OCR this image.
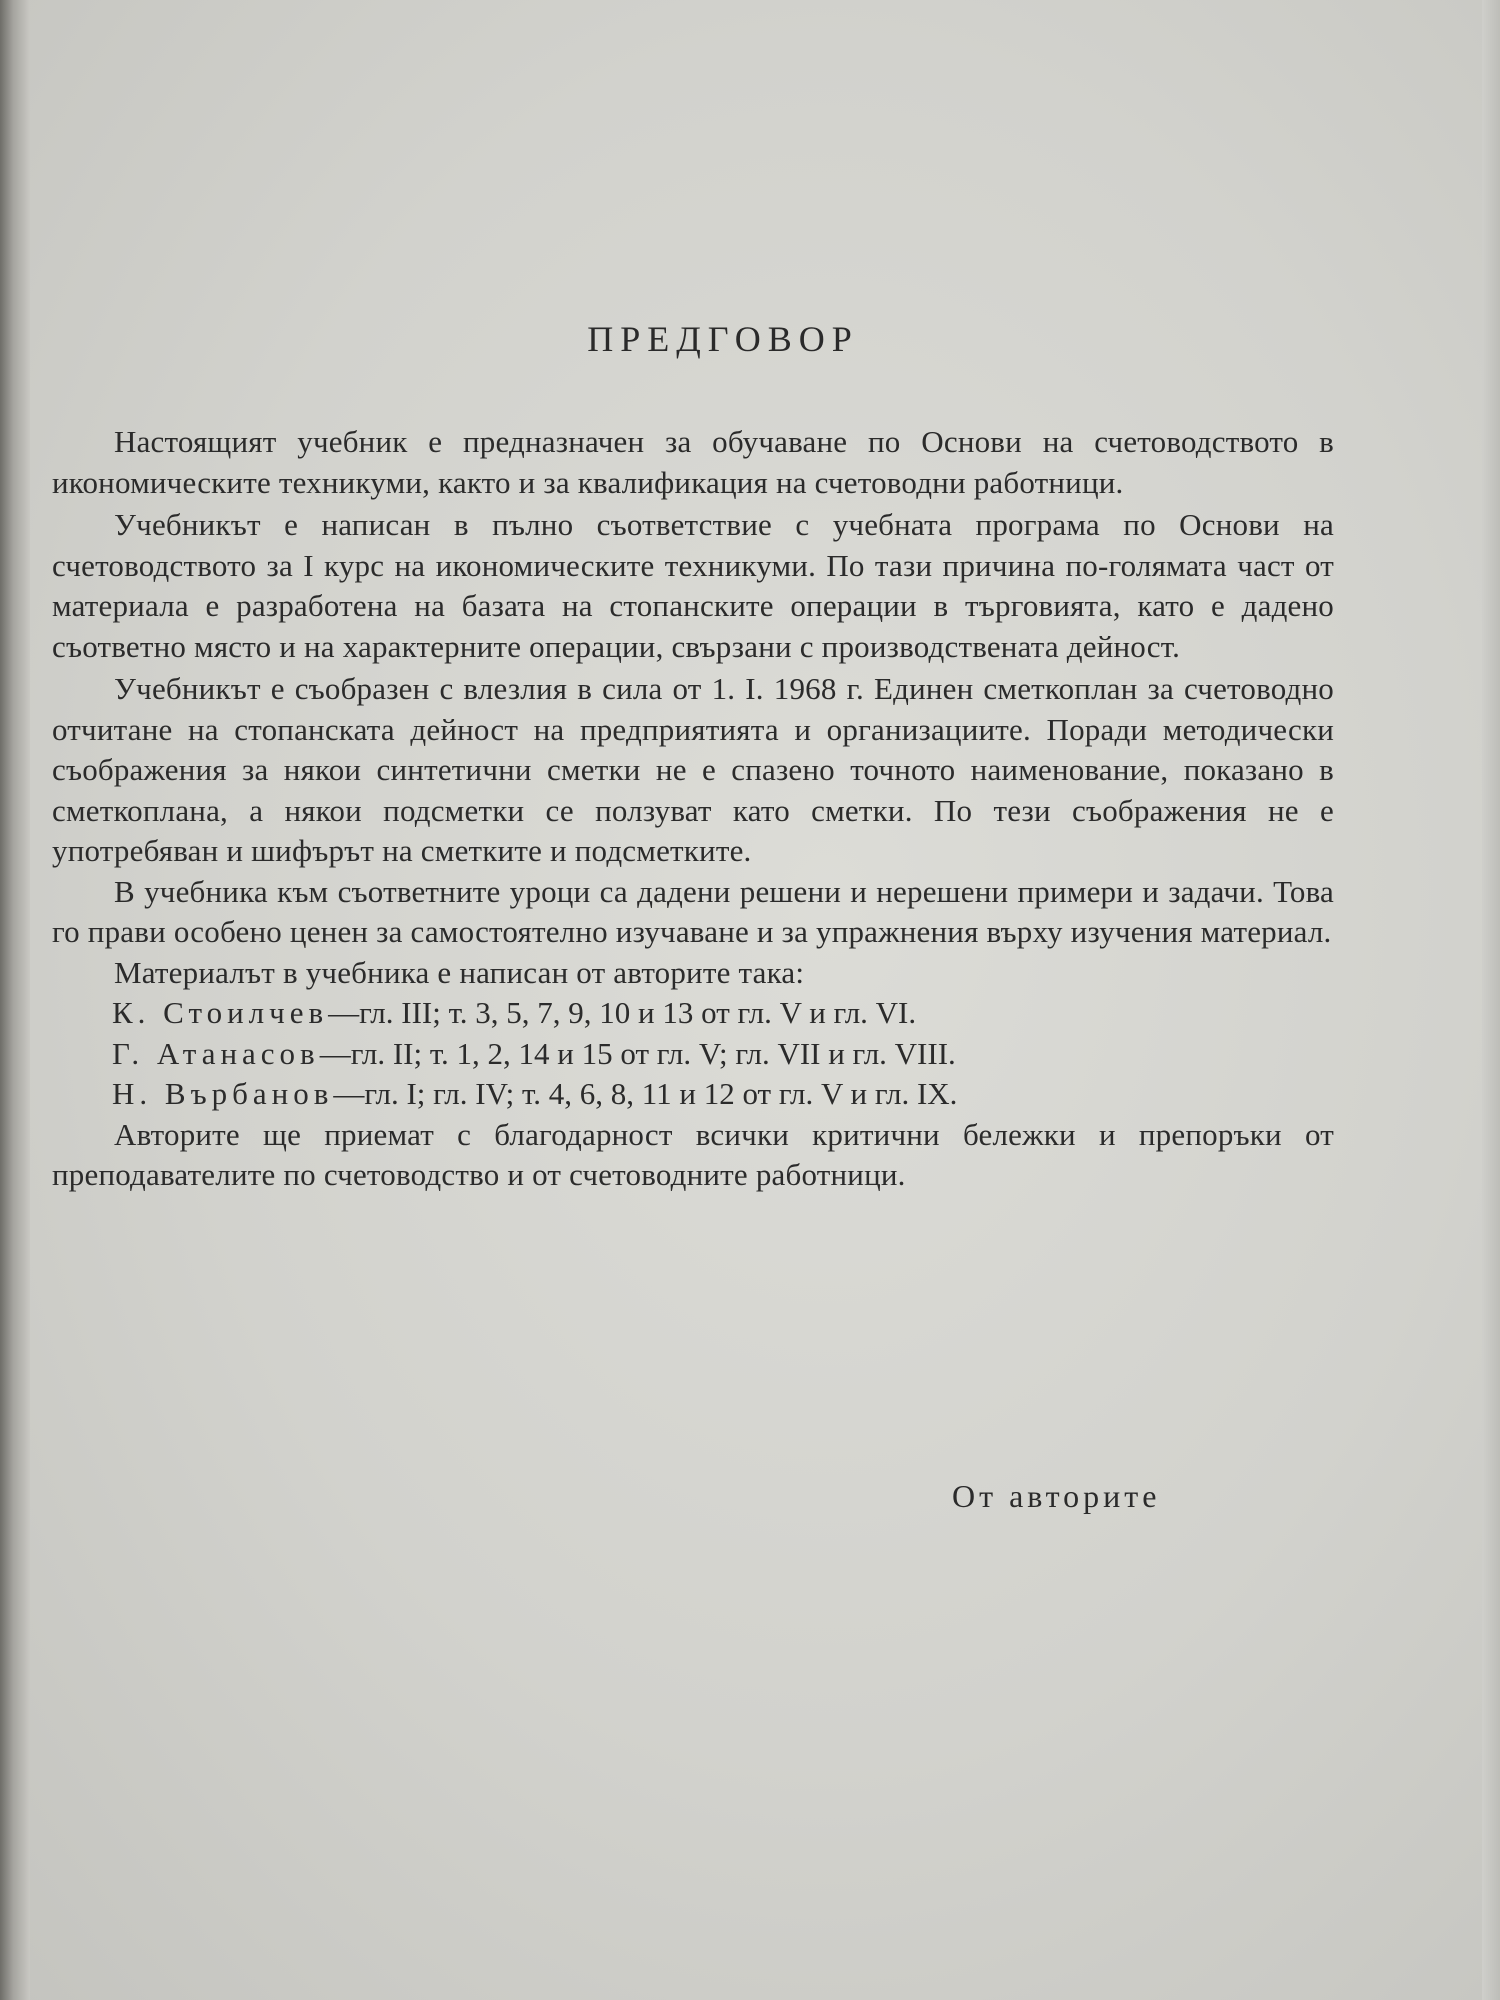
ПРЕДГОВОР

Настоящият учебник е предназначен за обучаване по Основи на счетоводството в икономическите техникуми, както и за квалификация на счетоводни работници.

Учебникът е написан в пълно съответствие с учебната програма по Основи на счетоводството за I курс на икономическите техникуми. По тази причина по-голямата част от материала е разработена на базата на стопанските операции в търговията, като е дадено съответно място и на характерните операции, свързани с производствената дейност.

Учебникът е съобразен с влезлия в сила от 1. I. 1968 г. Единен сметкоплан за счетоводно отчитане на стопанската дейност на предприятията и организациите. Поради методически съображения за някои синтетични сметки не е спазено точното наименование, показано в сметкоплана, а някои подсметки се ползуват като сметки. По тези съображения не е употребяван и шифърът на сметките и подсметките.

В учебника към съответните уроци са дадени решени и нерешени примери и задачи. Това го прави особено ценен за самостоятелно изучаване и за упражнения върху изучения материал.

Материалът в учебника е написан от авторите така:

К. Стоилчев—гл. III; т. 3, 5, 7, 9, 10 и 13 от гл. V и гл. VI.
Г. Атанасов—гл. II; т. 1, 2, 14 и 15 от гл. V; гл. VII и гл. VIII.
Н. Върбанов—гл. I; гл. IV; т. 4, 6, 8, 11 и 12 от гл. V и гл. IX.

Авторите ще приемат с благодарност всички критични бележки и препоръки от преподавателите по счетоводство и от счетоводните работници.

От авторите
